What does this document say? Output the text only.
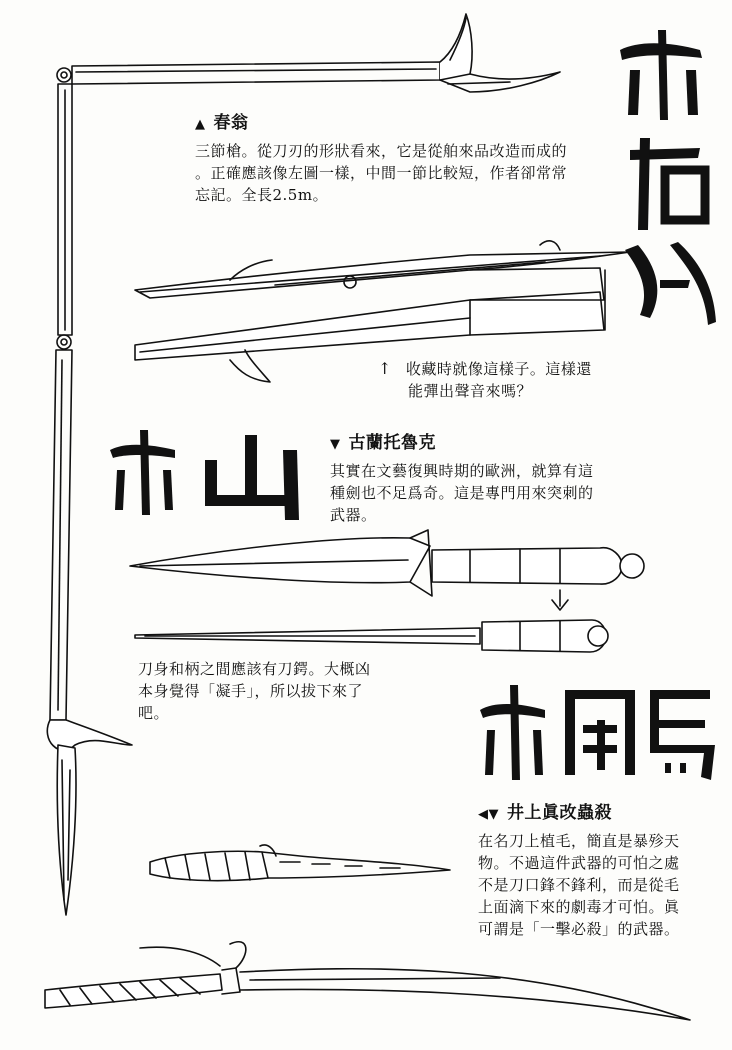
▲ 春翁
三節槍。從刀刃的形狀看來，它是從舶來品改造而成的
。正確應該像左圖一樣，中間一節比較短，作者卻常常
忘記。全長2.5m。
↑ 收藏時就像這樣子。這樣還
能彈出聲音來嗎？
▼ 古蘭托魯克
其實在文藝復興時期的歐洲，就算有這
種劍也不足爲奇。這是專門用來突刺的
武器。
刀身和柄之間應該有刀鍔。大概凶
本身覺得「凝手」，所以拔下來了
吧。
◀▼ 井上眞改蟲殺
在名刀上植毛，簡直是暴殄天
物。不過這件武器的可怕之處
不是刀口鋒不鋒利，而是從毛
上面滴下來的劇毒才可怕。眞
可謂是「一擊必殺」的武器。
